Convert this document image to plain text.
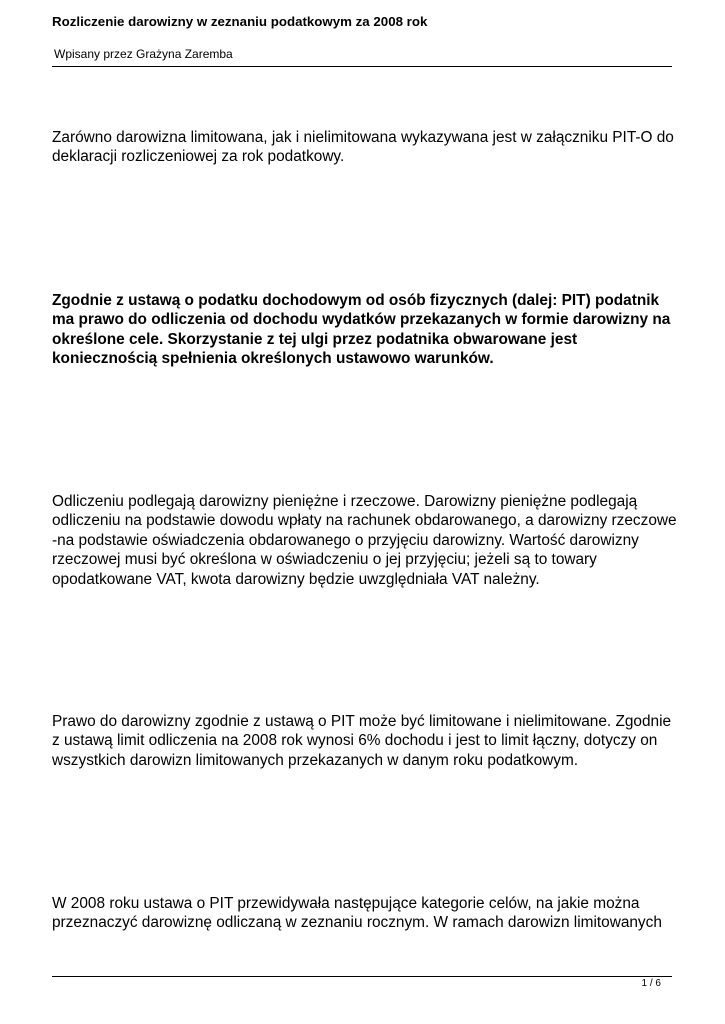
Rozliczenie darowizny w zeznaniu podatkowym za 2008 rok
Wpisany przez Grażyna Zaremba

Zarówno darowizna limitowana, jak i nielimitowana wykazywana jest w załączniku PIT-O do deklaracji rozliczeniowej za rok podatkowy.

Zgodnie z ustawą o podatku dochodowym od osób fizycznych (dalej: PIT) podatnik ma prawo do odliczenia od dochodu wydatków przekazanych w formie darowizny na określone cele. Skorzystanie z tej ulgi przez podatnika obwarowane jest koniecznością spełnienia określonych ustawowo warunków.

Odliczeniu podlegają darowizny pieniężne i rzeczowe. Darowizny pieniężne podlegają odliczeniu na podstawie dowodu wpłaty na rachunek obdarowanego, a darowizny rzeczowe -na podstawie oświadczenia obdarowanego o przyjęciu darowizny. Wartość darowizny rzeczowej musi być określona w oświadczeniu o jej przyjęciu; jeżeli są to towary opodatkowane VAT, kwota darowizny będzie uwzględniała VAT należny.

Prawo do darowizny zgodnie z ustawą o PIT może być limitowane i nielimitowane. Zgodnie z ustawą limit odliczenia na 2008 rok wynosi 6% dochodu i jest to limit łączny, dotyczy on wszystkich darowizn limitowanych przekazanych w danym roku podatkowym.

W 2008 roku ustawa o PIT przewidywała następujące kategorie celów, na jakie można przeznaczyć darowiznę odliczaną w zeznaniu rocznym. W ramach darowizn limitowanych

1 / 6
